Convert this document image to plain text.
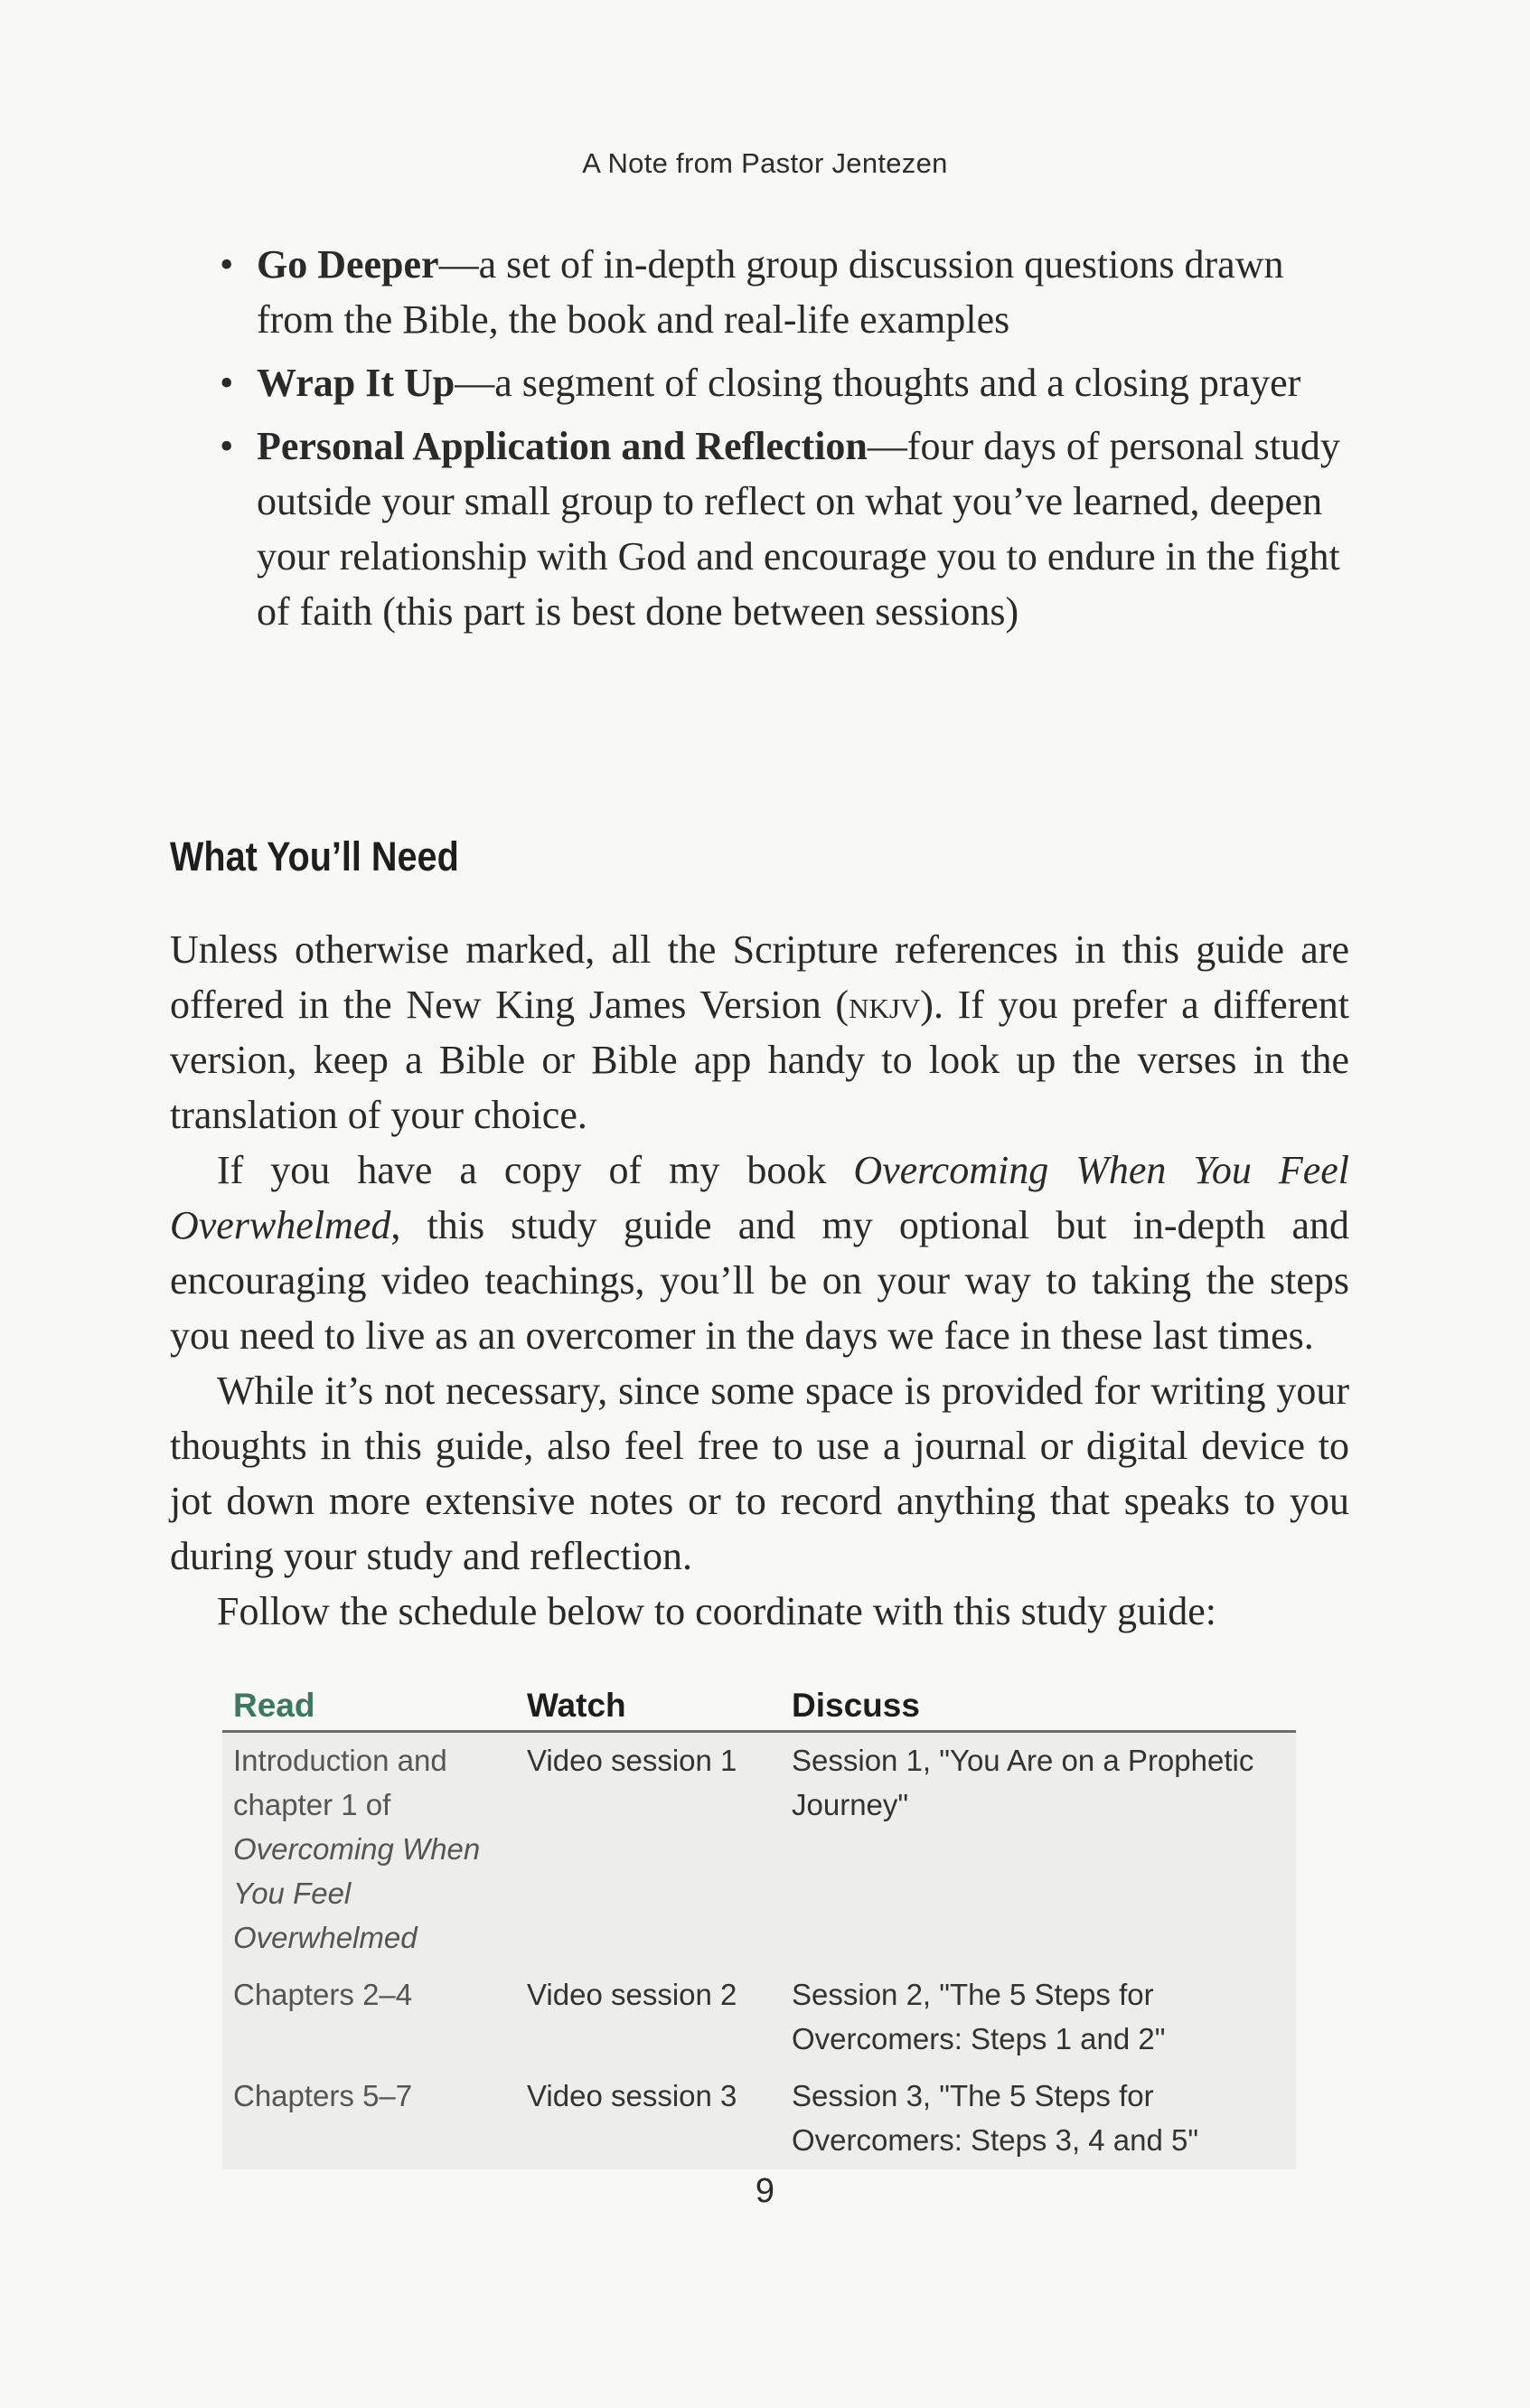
A Note from Pastor Jentezen
• Go Deeper—a set of in-depth group discussion questions drawn from the Bible, the book and real-life examples
• Wrap It Up—a segment of closing thoughts and a closing prayer
• Personal Application and Reflection—four days of personal study outside your small group to reflect on what you’ve learned, deepen your relationship with God and encourage you to endure in the fight of faith (this part is best done between sessions)
What You’ll Need

Unless otherwise marked, all the Scripture references in this guide are offered in the New King James Version (nkjv). If you prefer a different version, keep a Bible or Bible app handy to look up the verses in the translation of your choice.

If you have a copy of my book Overcoming When You Feel Overwhelmed, this study guide and my optional but in-depth and encouraging video teachings, you’ll be on your way to taking the steps you need to live as an overcomer in the days we face in these last times.

While it’s not necessary, since some space is provided for writing your thoughts in this guide, also feel free to use a journal or digital device to jot down more extensive notes or to record anything that speaks to you during your study and reflection.

Follow the schedule below to coordinate with this study guide:

Read	Watch	Discuss
Introduction and chapter 1 of Overcoming When You Feel Overwhelmed	Video session 1	Session 1, "You Are on a Prophetic Journey"
Chapters 2–4	Video session 2	Session 2, "The 5 Steps for Overcomers: Steps 1 and 2"
Chapters 5–7	Video session 3	Session 3, "The 5 Steps for Overcomers: Steps 3, 4 and 5"
9
